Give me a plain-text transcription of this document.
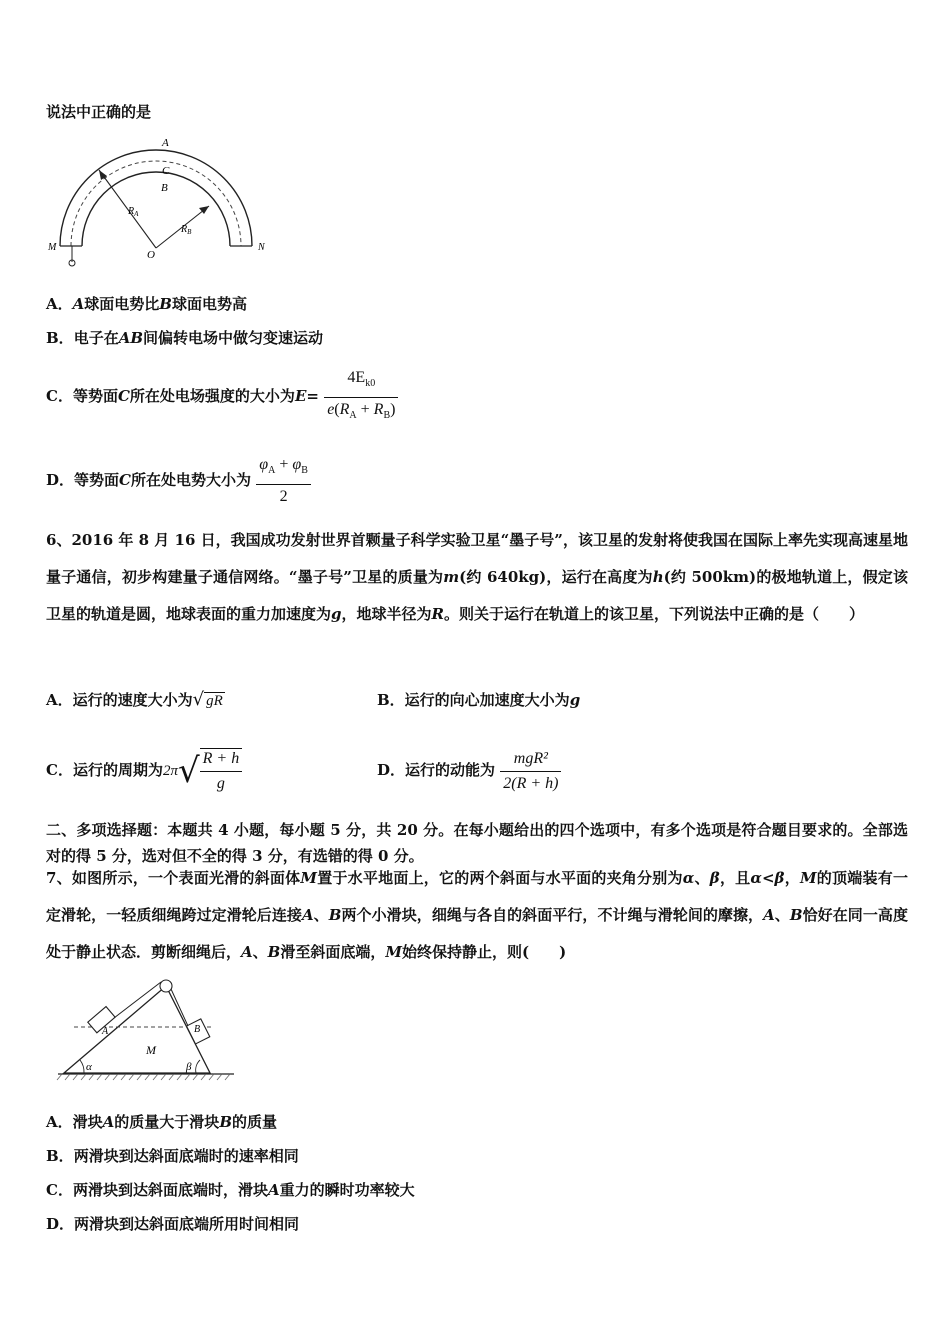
说法中正确的是
A
C
B
$R_A$
$R_B$
O
M	N
A．A球面电势比B球面电势高
B．电子在AB间偏转电场中做匀变速运动
C．等势面C所在处电场强度的大小为$E= \frac{4E_{k0}}{e(R_A + R_B)}$
D．等势面C所在处电势大小为 $\frac{\varphi_A + \varphi_B}{2}$
6、2016 年 8 月 16 日，我国成功发射世界首颗量子科学实验卫星“墨子号”，该卫星的发射将使我国在国际上率先实现高速星地量子通信，初步构建量子通信网络。“墨子号”卫星的质量为m(约 640kg)，运行在高度为h(约 500km)的极地轨道上，假定该卫星的轨道是圆，地球表面的重力加速度为g，地球半径为R。则关于运行在轨道上的该卫星，下列说法中正确的是（　　）
A．运行的速度大小为√ gR	B．运行的向心加速度大小为g
C．运行的周期为$2\pi√ \frac{R + h}{g}$	D．运行的动能为 $\frac{\text{mgR²}}{2(R + h)}$
二、多项选择题：本题共 4 小题，每小题 5 分，共 20 分。在每小题给出的四个选项中，有多个选项是符合题目要求的。全部选对的得 5 分，选对但不全的得 3 分，有选错的得 0 分。
7、如图所示，一个表面光滑的斜面体M置于水平地面上，它的两个斜面与水平面的夹角分别为α、β，且α<β，M的顶端装有一定滑轮，一轻质细绳跨过定滑轮后连接A、B两个小滑块，细绳与各自的斜面平行，不计绳与滑轮间的摩擦，A、B恰好在同一高度处于静止状态．剪断细绳后，A、B滑至斜面底端，M始终保持静止，则(　　)
A	B
M
α	β
A．滑块A的质量大于滑块B的质量
B．两滑块到达斜面底端时的速率相同
C．两滑块到达斜面底端时，滑块A重力的瞬时功率较大
D．两滑块到达斜面底端所用时间相同
